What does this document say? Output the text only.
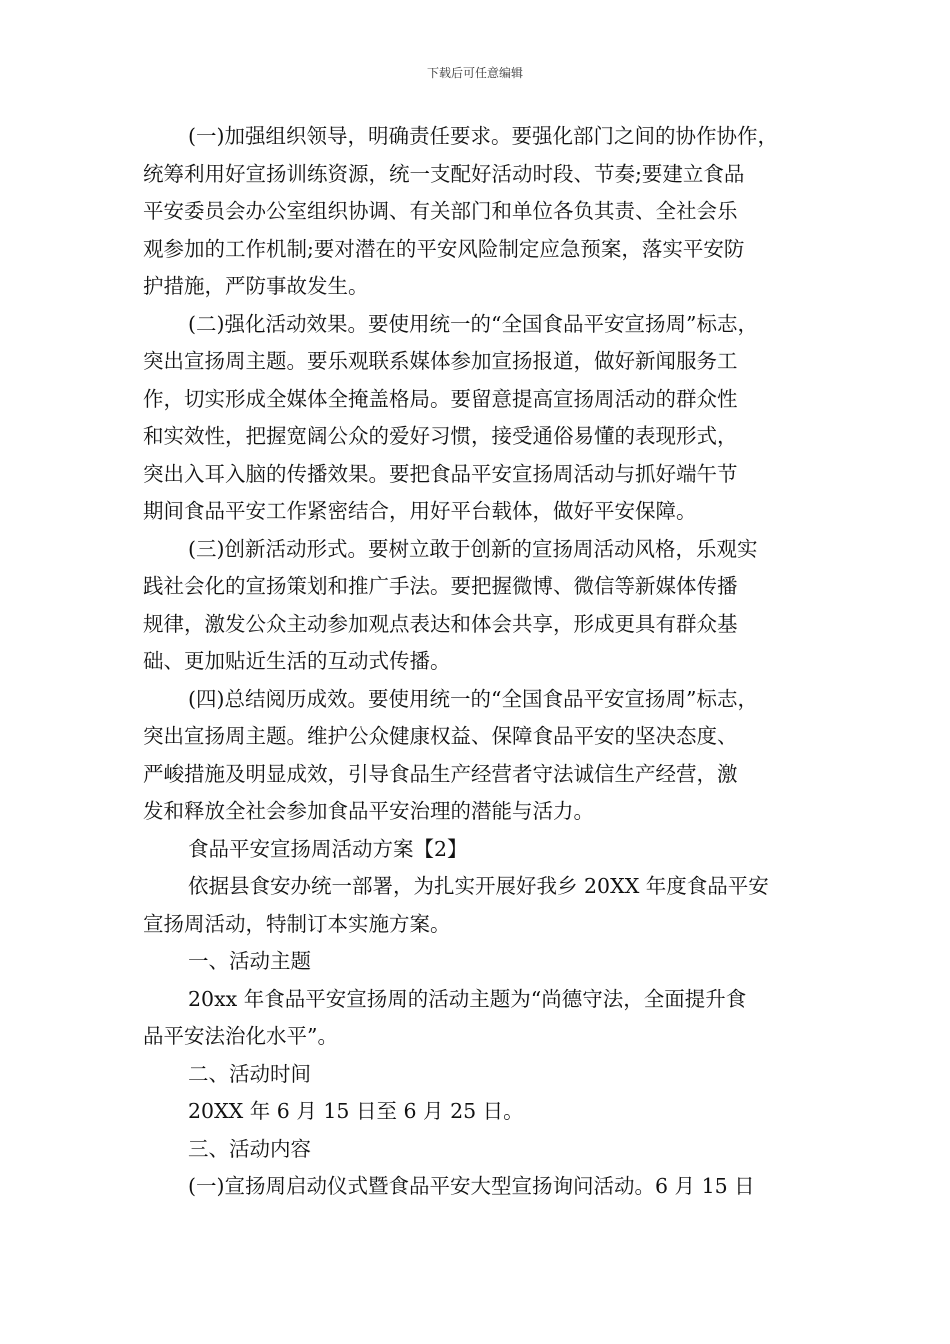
下载后可任意编辑
(一)加强组织领导，明确责任要求。要强化部门之间的协作协作，
统筹利用好宣扬训练资源，统一支配好活动时段、节奏;要建立食品
平安委员会办公室组织协调、有关部门和单位各负其责、全社会乐
观参加的工作机制;要对潜在的平安风险制定应急预案，落实平安防
护措施，严防事故发生。
(二)强化活动效果。要使用统一的“全国食品平安宣扬周”标志，
突出宣扬周主题。要乐观联系媒体参加宣扬报道，做好新闻服务工
作，切实形成全媒体全掩盖格局。要留意提高宣扬周活动的群众性
和实效性，把握宽阔公众的爱好习惯，接受通俗易懂的表现形式，
突出入耳入脑的传播效果。要把食品平安宣扬周活动与抓好端午节
期间食品平安工作紧密结合，用好平台载体，做好平安保障。
(三)创新活动形式。要树立敢于创新的宣扬周活动风格，乐观实
践社会化的宣扬策划和推广手法。要把握微博、微信等新媒体传播
规律，激发公众主动参加观点表达和体会共享，形成更具有群众基
础、更加贴近生活的互动式传播。
(四)总结阅历成效。要使用统一的“全国食品平安宣扬周”标志，
突出宣扬周主题。维护公众健康权益、保障食品平安的坚决态度、
严峻措施及明显成效，引导食品生产经营者守法诚信生产经营，激
发和释放全社会参加食品平安治理的潜能与活力。
食品平安宣扬周活动方案【2】
依据县食安办统一部署，为扎实开展好我乡 20XX 年度食品平安
宣扬周活动，特制订本实施方案。
一、活动主题
20xx 年食品平安宣扬周的活动主题为“尚德守法，全面提升食
品平安法治化水平”。
二、活动时间
20XX 年 6 月 15 日至 6 月 25 日。
三、活动内容
(一)宣扬周启动仪式暨食品平安大型宣扬询问活动。6 月 15 日
